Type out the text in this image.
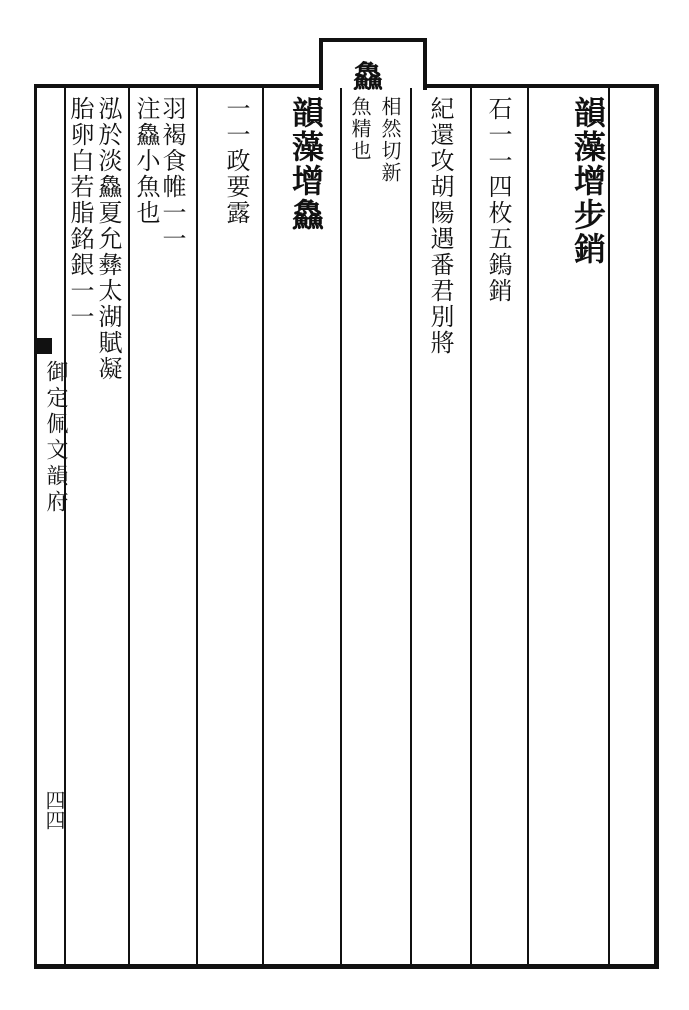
鱻
韻藻增步銷
石一一四枚五鎢銷
紀還攻胡陽遇番君別將
相然切新
魚精也
韻藻增鱻
一一政要露
羽褐食帷一一
注鱻小魚也
泓於淡鱻夏允彝太湖賦凝
胎卵白若脂銘銀一一
御定佩文韻府
四四
